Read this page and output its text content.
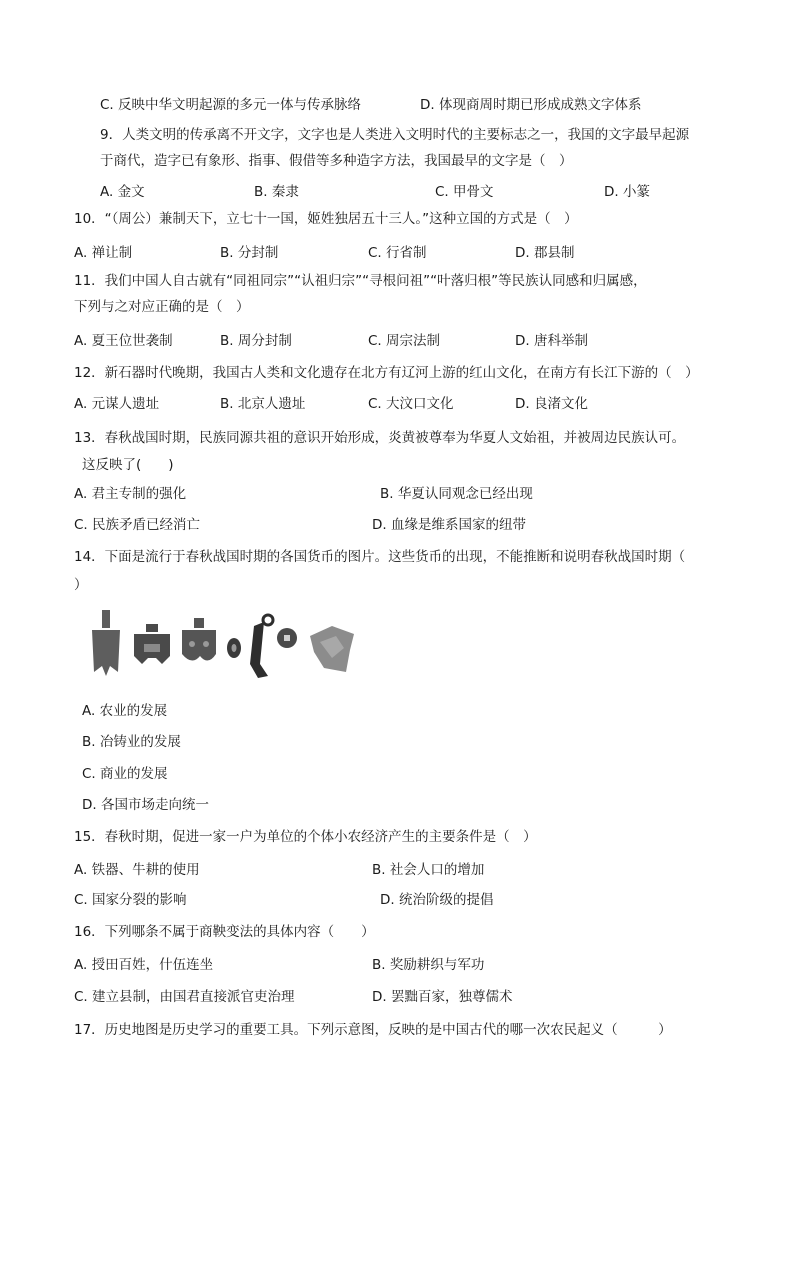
C. 反映中华文明起源的多元一体与传承脉络	D. 体现商周时期已形成成熟文字体系
9．人类文明的传承离不开文字，文字也是人类进入文明时代的主要标志之一，我国的文字最早起源
于商代，造字已有象形、指事、假借等多种造字方法，我国最早的文字是（　）
A. 金文	B. 秦隶	C. 甲骨文	D. 小篆
10．“（周公）兼制天下，立七十一国，姬姓独居五十三人。”这种立国的方式是（　）
A. 禅让制	B. 分封制	C. 行省制	D. 郡县制
11．我们中国人自古就有“同祖同宗”“认祖归宗”“寻根问祖”“叶落归根”等民族认同感和归属感，
下列与之对应正确的是（　）
A. 夏王位世袭制	B. 周分封制	C. 周宗法制	D. 唐科举制
12．新石器时代晚期，我国古人类和文化遗存在北方有辽河上游的红山文化，在南方有长江下游的（　）
A. 元谋人遗址	B. 北京人遗址	C. 大汶口文化	D. 良渚文化
13．春秋战国时期，民族同源共祖的意识开始形成，炎黄被尊奉为华夏人文始祖，并被周边民族认可。
这反映了(　　)
A. 君主专制的强化	B. 华夏认同观念已经出现
C. 民族矛盾已经消亡	D. 血缘是维系国家的纽带
14．下面是流行于春秋战国时期的各国货币的图片。这些货币的出现，不能推断和说明春秋战国时期（
）
A. 农业的发展
B. 冶铸业的发展
C. 商业的发展
D. 各国市场走向统一
15．春秋时期，促进一家一户为单位的个体小农经济产生的主要条件是（　）
A. 铁器、牛耕的使用	B. 社会人口的增加
C. 国家分裂的影响	D. 统治阶级的提倡
16．下列哪条不属于商鞅变法的具体内容（　　）
A. 授田百姓，什伍连坐	B. 奖励耕织与军功
C. 建立县制，由国君直接派官吏治理	D. 罢黜百家，独尊儒术
17．历史地图是历史学习的重要工具。下列示意图，反映的是中国古代的哪一次农民起义（　　　）
